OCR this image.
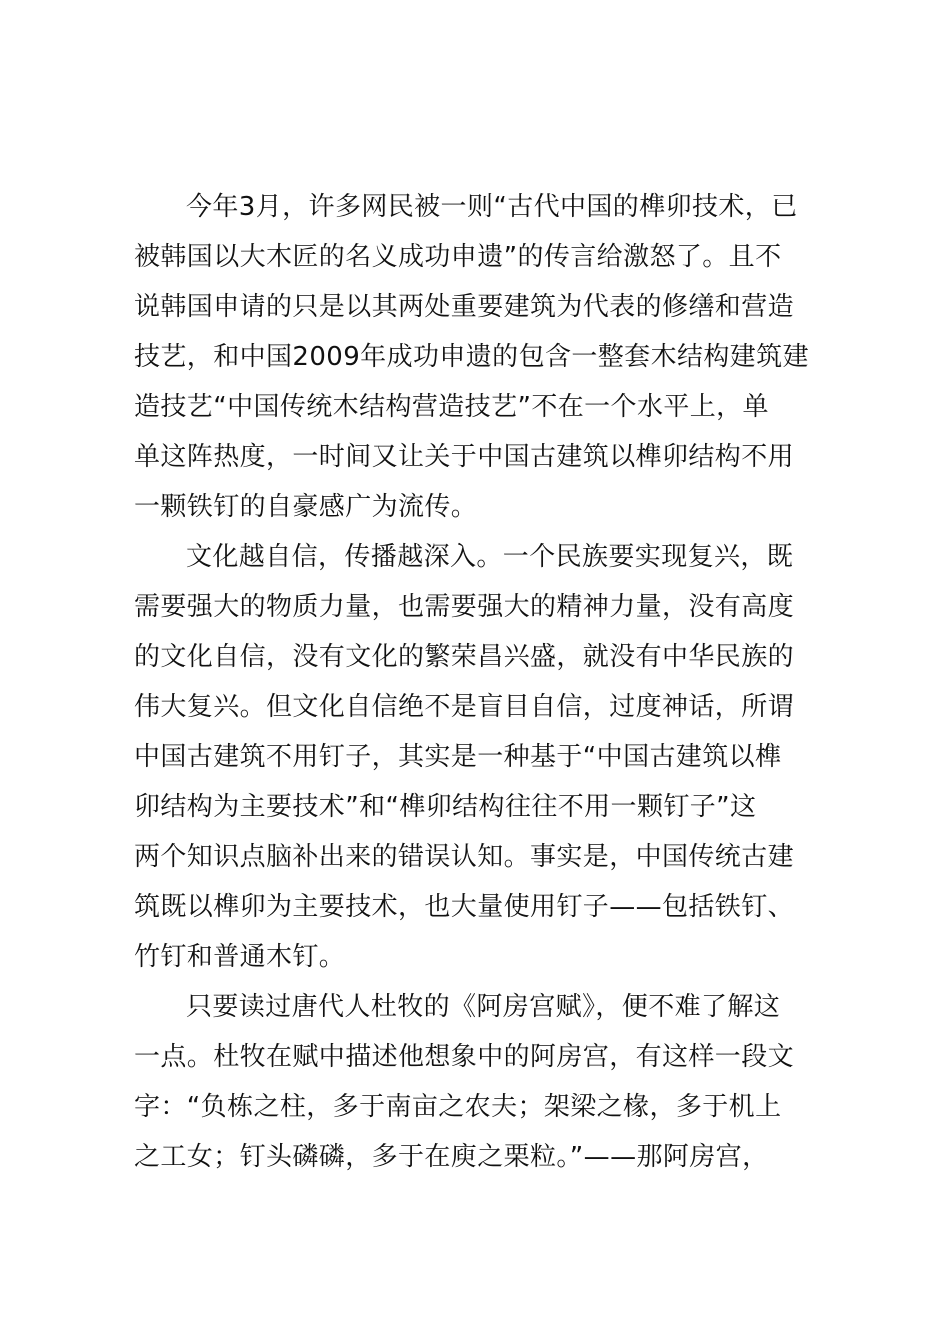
今年3月，许多网民被一则“古代中国的榫卯技术，已
被韩国以大木匠的名义成功申遗”的传言给激怒了。且不
说韩国申请的只是以其两处重要建筑为代表的修缮和营造
技艺，和中国2009年成功申遗的包含一整套木结构建筑建
造技艺“中国传统木结构营造技艺”不在一个水平上，单
单这阵热度，一时间又让关于中国古建筑以榫卯结构不用
一颗铁钉的自豪感广为流传。
文化越自信，传播越深入。一个民族要实现复兴，既
需要强大的物质力量，也需要强大的精神力量，没有高度
的文化自信，没有文化的繁荣昌兴盛，就没有中华民族的
伟大复兴。但文化自信绝不是盲目自信，过度神话，所谓
中国古建筑不用钉子，其实是一种基于“中国古建筑以榫
卯结构为主要技术”和“榫卯结构往往不用一颗钉子”这
两个知识点脑补出来的错误认知。事实是，中国传统古建
筑既以榫卯为主要技术，也大量使用钉子——包括铁钉、
竹钉和普通木钉。
只要读过唐代人杜牧的《阿房宫赋》，便不难了解这
一点。杜牧在赋中描述他想象中的阿房宫，有这样一段文
字：“负栋之柱，多于南亩之农夫；架梁之椽，多于机上
之工女；钉头磷磷，多于在庾之栗粒。”——那阿房宫，
